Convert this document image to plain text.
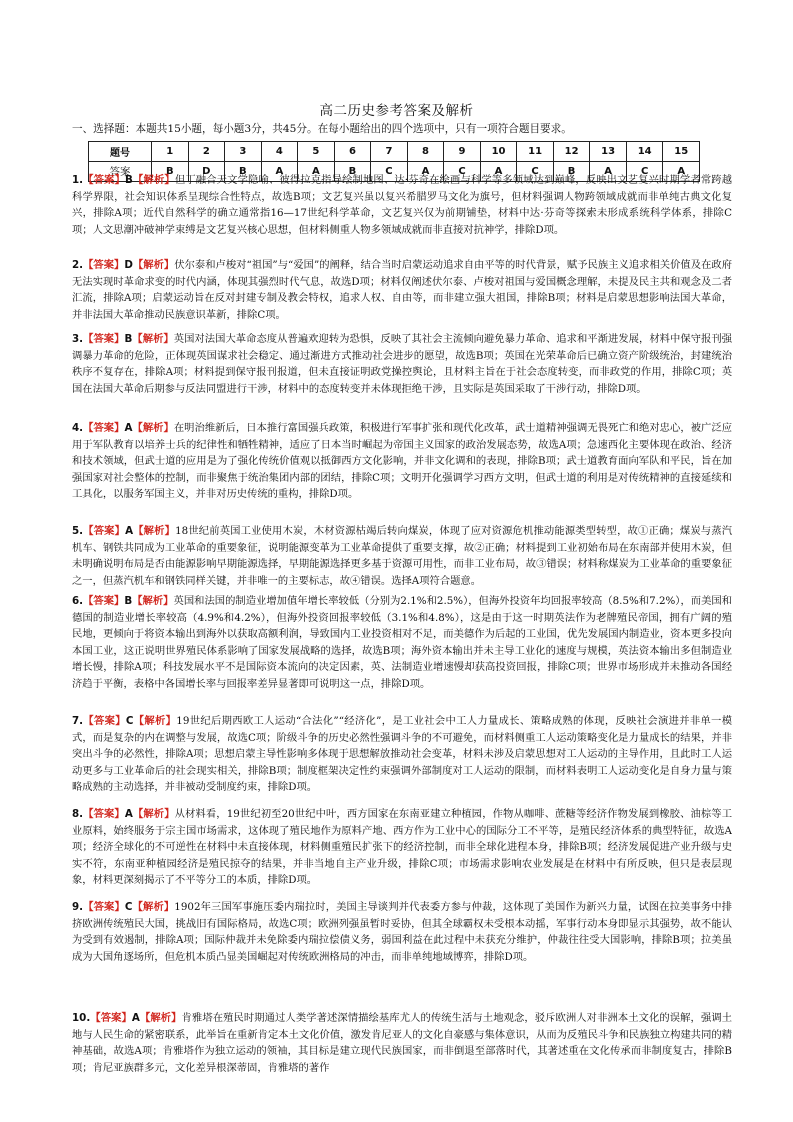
高二历史参考答案及解析
一、选择题：本题共15小题，每小题3分，共45分。在每小题给出的四个选项中，只有一项符合题目要求。
题号	1	2	3	4	5	6	7	8	9	10	11	12	13	14	15
答案	B	D	B	A	A	B	C	A	C	A	C	B	A	C	A
1.【答案】B【解析】但丁融合天文学隐喻、彼得拉克指导绘制地图、达·芬奇在绘画与科学等多领域达到巅峰，反映出文艺复兴时期学者常跨越科学界限，社会知识体系呈现综合性特点，故选B项；文艺复兴虽以复兴希腊罗马文化为旗号，但材料强调人物跨领域成就而非单纯古典文化复兴，排除A项；近代自然科学的确立通常指16—17世纪科学革命，文艺复兴仅为前期铺垫，材料中达·芬奇等探索未形成系统科学体系，排除C项；人文思潮冲破神学束缚是文艺复兴核心思想，但材料侧重人物多领域成就而非直接对抗神学，排除D项。
2.【答案】D【解析】伏尔泰和卢梭对“祖国”与“爱国”的阐释，结合当时启蒙运动追求自由平等的时代背景，赋予民族主义追求相关价值及在政府无法实现时革命求变的时代内涵，体现其强烈时代气息，故选D项；材料仅阐述伏尔泰、卢梭对祖国与爱国概念理解，未提及民主共和观念及二者汇流，排除A项；启蒙运动旨在反对封建专制及教会特权，追求人权、自由等，而非建立强大祖国，排除B项；材料是启蒙思想影响法国大革命，并非法国大革命推动民族意识革新，排除C项。
3.【答案】B【解析】英国对法国大革命态度从普遍欢迎转为恐惧，反映了其社会主流倾向避免暴力革命、追求和平渐进发展，材料中保守报刊强调暴力革命的危险，正体现英国谋求社会稳定、通过渐进方式推动社会进步的愿望，故选B项；英国在光荣革命后已确立资产阶级统治，封建统治秩序不复存在，排除A项；材料提到保守报刊报道，但未直接证明政党操控舆论，且材料主旨在于社会态度转变，而非政党的作用，排除C项；英国在法国大革命后期参与反法同盟进行干涉，材料中的态度转变并未体现拒绝干涉，且实际是英国采取了干涉行动，排除D项。
4.【答案】A【解析】在明治维新后，日本推行富国强兵政策，积极进行军事扩张和现代化改革，武士道精神强调无畏死亡和绝对忠心，被广泛应用于军队教育以培养士兵的纪律性和牺牲精神，适应了日本当时崛起为帝国主义国家的政治发展态势，故选A项；急速西化主要体现在政治、经济和技术领域，但武士道的应用是为了强化传统价值观以抵御西方文化影响，并非文化调和的表现，排除B项；武士道教育面向军队和平民，旨在加强国家对社会整体的控制，而非聚焦于统治集团内部的团结，排除C项；文明开化强调学习西方文明，但武士道的利用是对传统精神的直接延续和工具化，以服务军国主义，并非对历史传统的重构，排除D项。
5.【答案】A【解析】18世纪前英国工业使用木炭，木材资源枯竭后转向煤炭，体现了应对资源危机推动能源类型转型，故①正确；煤炭与蒸汽机车、钢铁共同成为工业革命的重要象征，说明能源变革为工业革命提供了重要支撑，故②正确；材料提到工业初始布局在东南部并使用木炭，但未明确说明布局是否由能源影响早期能源选择，早期能源选择更多基于资源可用性，而非工业布局，故③错误；材料称煤炭为工业革命的重要象征之一，但蒸汽机车和钢铁同样关键，并非唯一的主要标志，故④错误。选择A项符合题意。
6.【答案】B【解析】英国和法国的制造业增加值年增长率较低（分别为2.1%和2.5%），但海外投资年均回报率较高（8.5%和7.2%），而美国和德国的制造业增长率较高（4.9%和4.2%），但海外投资回报率较低（3.1%和4.8%），这是由于这一时期英法作为老牌殖民帝国，拥有广阔的殖民地，更倾向于将资本输出到海外以获取高额利润，导致国内工业投资相对不足，而美德作为后起的工业国，优先发展国内制造业，资本更多投向本国工业，这正说明世界殖民体系影响了国家发展战略的选择，故选B项；海外资本输出并未主导工业化的速度与规模，英法资本输出多但制造业增长慢，排除A项；科技发展水平不是国际资本流向的决定因素，英、法制造业增速慢却获高投资回报，排除C项；世界市场形成并未推动各国经济趋于平衡，表格中各国增长率与回报率差异显著即可说明这一点，排除D项。
7.【答案】C【解析】19世纪后期西欧工人运动“合法化”“经济化”，是工业社会中工人力量成长、策略成熟的体现，反映社会演进并非单一模式，而是复杂的内在调整与发展，故选C项；阶级斗争的历史必然性强调斗争的不可避免，而材料侧重工人运动策略变化是力量成长的结果，并非突出斗争的必然性，排除A项；思想启蒙主导性影响多体现于思想解放推动社会变革，材料未涉及启蒙思想对工人运动的主导作用，且此时工人运动更多与工业革命后的社会现实相关，排除B项；制度框架决定性约束强调外部制度对工人运动的限制，而材料表明工人运动变化是自身力量与策略成熟的主动选择，并非被动受制度约束，排除D项。
8.【答案】A【解析】从材料看，19世纪初至20世纪中叶，西方国家在东南亚建立种植园，作物从咖啡、蔗糖等经济作物发展到橡胶、油棕等工业原料，始终服务于宗主国市场需求，这体现了殖民地作为原料产地、西方作为工业中心的国际分工不平等，是殖民经济体系的典型特征，故选A项；经济全球化的不可逆性在材料中未直接体现，材料侧重殖民扩张下的经济控制，而非全球化进程本身，排除B项；经济发展促进产业升级与史实不符，东南亚种植园经济是殖民掠夺的结果，并非当地自主产业升级，排除C项；市场需求影响农业发展是在材料中有所反映，但只是表层现象，材料更深刻揭示了不平等分工的本质，排除D项。
9.【答案】C【解析】1902年三国军事施压委内瑞拉时，美国主导谈判并代表委方参与仲裁，这体现了美国作为新兴力量，试图在拉美事务中排挤欧洲传统殖民大国，挑战旧有国际格局，故选C项；欧洲列强虽暂时妥协，但其全球霸权未受根本动摇，军事行动本身即显示其强势，故不能认为受到有效遏制，排除A项；国际仲裁并未免除委内瑞拉偿债义务，弱国利益在此过程中未获充分维护，仲裁往往受大国影响，排除B项；拉美虽成为大国角逐场所，但危机本质凸显美国崛起对传统欧洲格局的冲击，而非单纯地域博弈，排除D项。
10.【答案】A【解析】肯雅塔在殖民时期通过人类学著述深情描绘基库尤人的传统生活与土地观念，驳斥欧洲人对非洲本土文化的误解，强调土地与人民生命的紧密联系，此举旨在重新肯定本土文化价值，激发肯尼亚人的文化自豪感与集体意识，从而为反殖民斗争和民族独立构建共同的精神基础，故选A项；肯雅塔作为独立运动的领袖，其目标是建立现代民族国家，而非倒退至部落时代，其著述重在文化传承而非制度复古，排除B项；肯尼亚族群多元，文化差异根深蒂固，肯雅塔的著作
